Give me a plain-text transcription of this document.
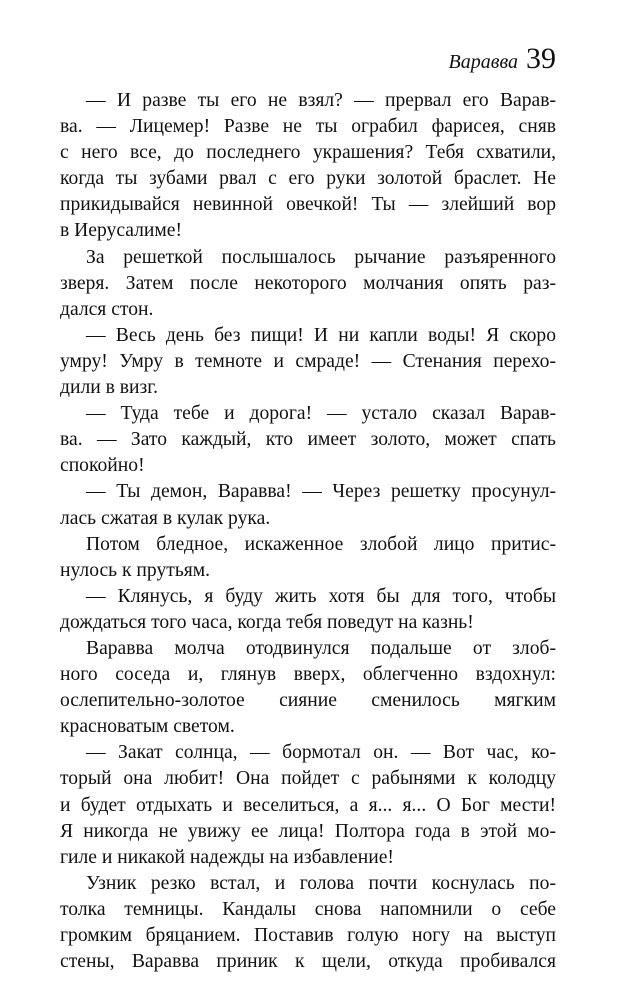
Варавва 39
— И разве ты его не взял? — прервал его Варав-
ва. — Лицемер! Разве не ты ограбил фарисея, сняв
с него все, до последнего украшения? Тебя схватили,
когда ты зубами рвал с его руки золотой браслет. Не
прикидывайся невинной овечкой! Ты — злейший вор
в Иерусалиме!
За решеткой послышалось рычание разъяренного
зверя. Затем после некоторого молчания опять раз-
дался стон.
— Весь день без пищи! И ни капли воды! Я скоро
умру! Умру в темноте и смраде! — Стенания перехо-
дили в визг.
— Туда тебе и дорога! — устало сказал Варав-
ва. — Зато каждый, кто имеет золото, может спать
спокойно!
— Ты демон, Варавва! — Через решетку просунул-
лась сжатая в кулак рука.
Потом бледное, искаженное злобой лицо притис-
нулось к прутьям.
— Клянусь, я буду жить хотя бы для того, чтобы
дождаться того часа, когда тебя поведут на казнь!
Варавва молча отодвинулся подальше от злоб-
ного соседа и, глянув вверх, облегченно вздохнул:
ослепительно-золотое сияние сменилось мягким
красноватым светом.
— Закат солнца, — бормотал он. — Вот час, ко-
торый она любит! Она пойдет с рабынями к колодцу
и будет отдыхать и веселиться, а я... я... О Бог мести!
Я никогда не увижу ее лица! Полтора года в этой мо-
гиле и никакой надежды на избавление!
Узник резко встал, и голова почти коснулась по-
толка темницы. Кандалы снова напомнили о себе
громким бряцанием. Поставив голую ногу на выступ
стены, Варавва приник к щели, откуда пробивался
